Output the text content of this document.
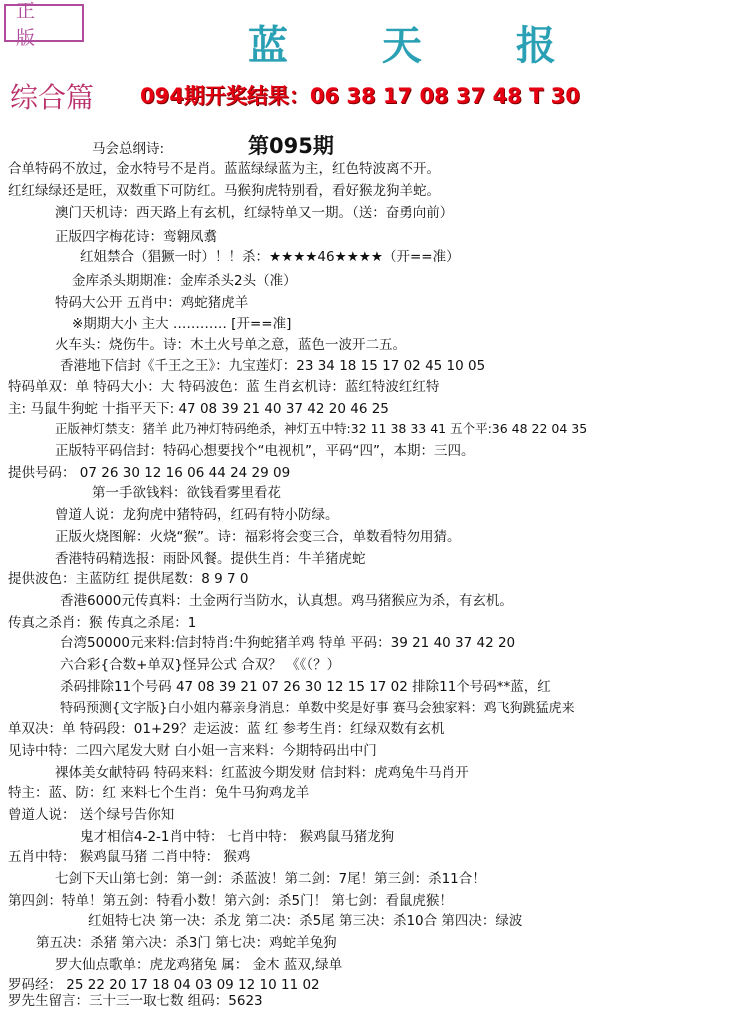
正 版	蓝 天 报
综合篇 094期开奖结果：06 38 17 08 37 48 T 30
第095期
马会总纲诗:
合单特码不放过，金水特号不是肖。蓝蓝绿绿蓝为主，红色特波离不开。
红红绿绿还是旺，双数重下可防红。马猴狗虎特别看，看好猴龙狗羊蛇。
澳门天机诗：西天路上有玄机，红绿特单又一期。（送：奋勇向前）
正版四字梅花诗：鸾翱凤翥
红姐禁合（猖獗一时）！！杀：★★★★46★★★★（开==准）
金库杀头期期准：金库杀头2头（准）
特码大公开 五肖中：鸡蛇猪虎羊
※期期大小 主大 ………… [开==准]
火车头：烧伤牛。诗：木土火号单之意，蓝色一波开二五。
香港地下信封《千王之王》：九宝莲灯：23 34 18 15 17 02 45 10 05
特码单双：单 特码大小：大 特码波色：蓝 生肖玄机诗：蓝红特波红红特
主: 马鼠牛狗蛇 十指平天下: 47 08 39 21 40 37 42 20 46 25
正版神灯禁支：猪羊 此乃神灯特码绝杀，神灯五中特:32 11 38 33 41 五个平:36 48 22 04 35
正版特平码信封：特码心想要找个“电视机”，平码“四”，本期：三四。
提供号码： 07 26 30 12 16 06 44 24 29 09
第一手欲钱料：欲钱看雾里看花
曾道人说：龙狗虎中猪特码，红码有特小防绿。
正版火烧图解：火烧“猴”。诗：福彩将会变三合，单数看特勿用猜。
香港特码精选报：雨卧风餐。提供生肖：牛羊猪虎蛇
提供波色：主蓝防红 提供尾数：8 9 7 0
香港6000元传真料：土金两行当防水，认真想。鸡马猪猴应为杀，有玄机。
传真之杀肖：猴 传真之杀尾：1
台湾50000元来料:信封特肖:牛狗蛇猪羊鸡 特单 平码：39 21 40 37 42 20
六合彩{合数+单双}怪异公式 合双？ 《《（？）
杀码排除11个号码 47 08 39 21 07 26 30 12 15 17 02 排除11个号码**蓝，红
特码预测{文字版}白小姐内幕亲身消息：单数中奖是好事 赛马会独家料：鸡飞狗跳猛虎来
单双决：单 特码段：01+29？走运波：蓝 红 参考生肖：红绿双数有玄机
见诗中特：二四六尾发大财 白小姐一言来料：今期特码出中门
裸体美女献特码 特码来料：红蓝波今期发财 信封料：虎鸡兔牛马肖开
特主：蓝、防：红 来料七个生肖：兔牛马狗鸡龙羊
曾道人说： 送个绿号告你知
鬼才相信4-2-1肖中特： 七肖中特： 猴鸡鼠马猪龙狗
五肖中特： 猴鸡鼠马猪 二肖中特： 猴鸡
七剑下天山第七剑：第一剑：杀蓝波！第二剑：7尾！第三剑：杀11合！
第四剑：特单！第五剑：特看小数！第六剑：杀5门！ 第七剑：看鼠虎猴！
红姐特七决 第一决：杀龙 第二决：杀5尾 第三决：杀10合 第四决：绿波
第五决：杀猪 第六决：杀3门 第七决：鸡蛇羊兔狗
罗大仙点歌单：虎龙鸡猪兔 属： 金木 蓝双,绿单
罗码经： 25 22 20 17 18 04 03 09 12 10 11 02
罗先生留言：三十三一取七数 组码：5623
